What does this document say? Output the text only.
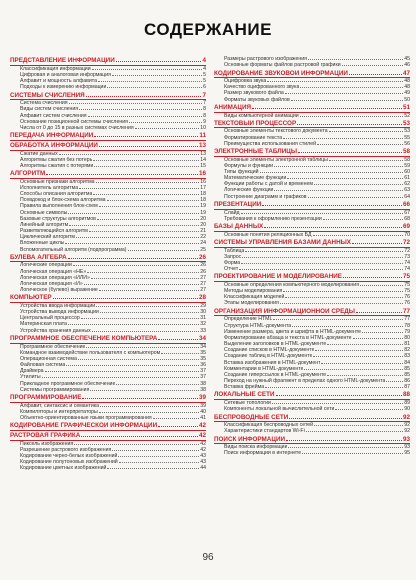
СОДЕРЖАНИЕ
ПРЕДСТАВЛЕНИЕ ИНФОРМАЦИИ	4
Классификация информации	4
Цифровая и аналоговая информация	5
Алфавит и мощность алфавита	5
Подходы к измерению информации	6
СИСТЕМЫ СЧИСЛЕНИЯ	7
Система счисления	7
Виды систем счисления	8
Алфавит систем счисления	8
Основание позиционной системы счисления	9
Числа от 0 до 15 в разных системах счисления	10
ПЕРЕДАЧА ИНФОРМАЦИИ	11
ОБРАБОТКА ИНФОРМАЦИИ	13
Сжатие данных	13
Алгоритмы сжатия без потерь	14
Алгоритмы сжатия с потерями	15
АЛГОРИТМ	16
Основные признаки алгоритма	16
Исполнитель алгоритма	17
Способы описания алгоритма	18
Псевдокод и блок-схема алгоритма	18
Правила выполнения блок-схем	19
Основные символы	19
Базовые структуры алгоритмов	20
Линейный алгоритм	20
Разветвляющийся алгоритм	21
Циклический алгоритм	22
Вложенные циклы	24
Вспомогательный алгоритм (подпрограмма)	25
БУЛЕВА АЛГЕБРА	26
Логические операции	26
Логическая операция «НЕ»	26
Логическая операция «ИЛИ»	27
Логическая операция «И»	27
Логическое (булево) выражение	27
КОМПЬЮТЕР	28
Устройства ввода информации	29
Устройства вывода информации	30
Центральный процессор	31
Материнская плата	32
Устройства хранения данных	33
ПРОГРАММНОЕ ОБЕСПЕЧЕНИЕ КОМПЬЮТЕРА	34
Программное обеспечение	34
Командное взаимодействие пользователя с компьютером	35
Операционная система	35
Файловая система	36
Драйвера	37
Утилиты	37
Прикладное программное обеспечение	38
Системы программирования	38
ПРОГРАММИРОВАНИЕ	39
Алфавит, синтаксис и семантика	39
Компиляторы и интерпретаторы	40
Объектно-ориентированные языки программирования	41
КОДИРОВАНИЕ ГРАФИЧЕСКОЙ ИНФОРМАЦИИ	42
РАСТРОВАЯ ГРАФИКА	42
Пиксель изображения	42
Разрешение растрового изображения	42
Кодирование черно-белых изображений	43
Кодирование полутоновых изображений	43
Кодирование цветных изображений	44
Размеры растрового изображения	45
Основные форматы файлов растровой графики	46
КОДИРОВАНИЕ ЗВУКОВОЙ ИНФОРМАЦИИ	47
Оцифровка звука	48
Качество оцифрованного звука	48
Размер звукового файла	49
Форматы звуковых файлов	50
АНИМАЦИЯ	51
Виды компьютерной анимации	52
ТЕКСТОВЫЙ ПРОЦЕССОР	53
Основные элементы текстового документа	53
Форматирование текста	55
Преимущества использования стилей	56
ЭЛЕКТРОННЫЕ ТАБЛИЦЫ	58
Основные элементы электронной таблицы	58
Формулы и функции	59
Типы функций	60
Математические функции	61
Функции работы с датой и временем	62
Логические функции	63
Построение диаграмм и графиков	64
ПРЕЗЕНТАЦИИ	66
Слайд	67
Требования к оформлению презентации	68
БАЗЫ ДАННЫХ	69
Основные понятия реляционных БД	70
СИСТЕМЫ УПРАВЛЕНИЯ БАЗАМИ ДАННЫХ	72
Таблица	72
Запрос	73
Форма	74
Отчет	74
ПРОЕКТИРОВАНИЕ И МОДЕЛИРОВАНИЕ	75
Основные определения компьютерного моделирования	75
Методы моделирования	75
Классификация моделей	76
Этапы моделирования	76
ОРГАНИЗАЦИЯ ИНФОРМАЦИОННОЙ СРЕДЫ	77
Определение HTML	77
Структура HTML-документа	78
Изменение размера, цвета и шрифта в HTML-документе	79
Форматирование абзаца и текста в HTML-документе	80
Выделение заголовков в HTML-документе	81
Создание списков в HTML-документе	82
Создание таблиц в HTML-документе	83
Вставка изображения в HTML-документ	84
Комментарии в HTML-документе	85
Создание гиперссылок в HTML-документе	85
Переход на нужный фрагмент в пределах одного HTML-документа	86
Вставка фрейма	87
ЛОКАЛЬНЫЕ СЕТИ	88
Сетевые топологии	89
Компоненты локальной вычислительной сети	90
БЕСПРОВОДНЫЕ СЕТИ	92
Классификация беспроводных сетей	92
Характеристики стандартов Wi-Fi	92
ПОИСК ИНФОРМАЦИИ	93
Виды поиска информации	93
Поиск информации в интернете	95
96
